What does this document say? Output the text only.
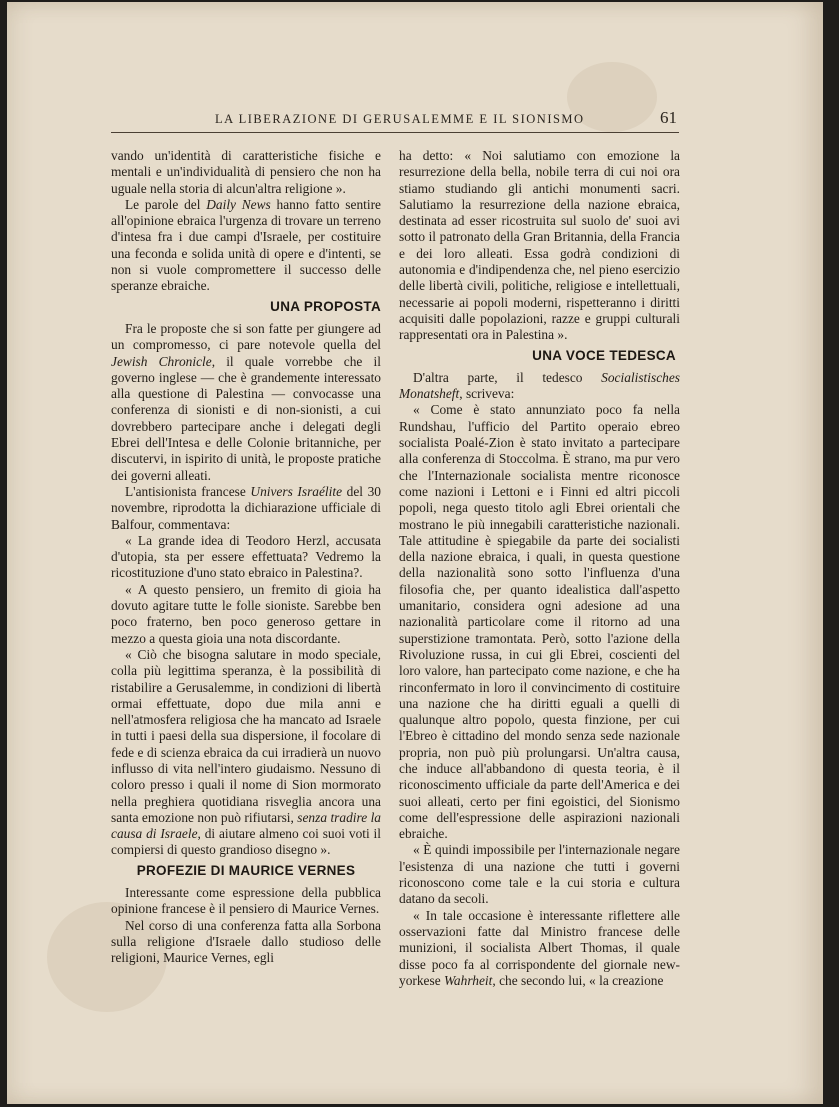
LA LIBERAZIONE DI GERUSALEMME E IL SIONISMO	61

vando un'identità di caratteristiche fisiche e mentali e un'individualità di pensiero che non ha uguale nella storia di alcun'altra religione ».

Le parole del Daily News hanno fatto sentire all'opinione ebraica l'urgenza di trovare un terreno d'intesa fra i due campi d'Israele, per costituire una feconda e solida unità di opere e d'intenti, se non si vuole compromettere il successo delle speranze ebraiche.

UNA PROPOSTA

Fra le proposte che si son fatte per giungere ad un compromesso, ci pare notevole quella del Jewish Chronicle, il quale vorrebbe che il governo inglese — che è grandemente interessato alla questione di Palestina — convocasse una conferenza di sionisti e di non-sionisti, a cui dovrebbero partecipare anche i delegati degli Ebrei dell'Intesa e delle Colonie britanniche, per discutervi, in ispirito di unità, le proposte pratiche dei governi alleati.

L'antisionista francese Univers Israélite del 30 novembre, riprodotta la dichiarazione ufficiale di Balfour, commentava:

« La grande idea di Teodoro Herzl, accusata d'utopia, sta per essere effettuata? Vedremo la ricostituzione d'uno stato ebraico in Palestina?.

« A questo pensiero, un fremito di gioia ha dovuto agitare tutte le folle sioniste. Sarebbe ben poco fraterno, ben poco generoso gettare in mezzo a questa gioia una nota discordante.

« Ciò che bisogna salutare in modo speciale, colla più legittima speranza, è la possibilità di ristabilire a Gerusalemme, in condizioni di libertà ormai effettuate, dopo due mila anni e nell'atmosfera religiosa che ha mancato ad Israele in tutti i paesi della sua dispersione, il focolare di fede e di scienza ebraica da cui irradierà un nuovo influsso di vita nell'intero giudaismo. Nessuno di coloro presso i quali il nome di Sion mormorato nella preghiera quotidiana risveglia ancora una santa emozione non può rifiutarsi, senza tradire la causa di Israele, di aiutare almeno coi suoi voti il compiersi di questo grandioso disegno ».

PROFEZIE DI MAURICE VERNES

Interessante come espressione della pubblica opinione francese è il pensiero di Maurice Vernes.

Nel corso di una conferenza fatta alla Sorbona sulla religione d'Israele dallo studioso delle religioni, Maurice Vernes, egli

ha detto: « Noi salutiamo con emozione la resurrezione della bella, nobile terra di cui noi ora stiamo studiando gli antichi monumenti sacri. Salutiamo la resurrezione della nazione ebraica, destinata ad esser ricostruita sul suolo de' suoi avi sotto il patronato della Gran Britannia, della Francia e dei loro alleati. Essa godrà condizioni di autonomia e d'indipendenza che, nel pieno esercizio delle libertà civili, politiche, religiose e intellettuali, necessarie ai popoli moderni, rispetteranno i diritti acquisiti dalle popolazioni, razze e gruppi culturali rappresentati ora in Palestina ».

UNA VOCE TEDESCA

D'altra parte, il tedesco Socialistisches Monatsheft, scriveva:

« Come è stato annunziato poco fa nella Rundshau, l'ufficio del Partito operaio ebreo socialista Poalé-Zion è stato invitato a partecipare alla conferenza di Stoccolma. È strano, ma pur vero che l'Internazionale socialista mentre riconosce come nazioni i Lettoni e i Finni ed altri piccoli popoli, nega questo titolo agli Ebrei orientali che mostrano le più innegabili caratteristiche nazionali. Tale attitudine è spiegabile da parte dei socialisti della nazione ebraica, i quali, in questa questione della nazionalità sono sotto l'influenza d'una filosofia che, per quanto idealistica dall'aspetto umanitario, considera ogni adesione ad una nazionalità particolare come il ritorno ad una superstizione tramontata. Però, sotto l'azione della Rivoluzione russa, in cui gli Ebrei, coscienti del loro valore, han partecipato come nazione, e che ha rinconfermato in loro il convincimento di costituire una nazione che ha diritti eguali a quelli di qualunque altro popolo, questa finzione, per cui l'Ebreo è cittadino del mondo senza sede nazionale propria, non può più prolungarsi. Un'altra causa, che induce all'abbandono di questa teoria, è il riconoscimento ufficiale da parte dell'America e dei suoi alleati, certo per fini egoistici, del Sionismo come dell'espressione delle aspirazioni nazionali ebraiche.

« È quindi impossibile per l'internazionale negare l'esistenza di una nazione che tutti i governi riconoscono come tale e la cui storia e cultura datano da secoli.

« In tale occasione è interessante riflettere alle osservazioni fatte dal Ministro francese delle munizioni, il socialista Albert Thomas, il quale disse poco fa al corrispondente del giornale new-yorkese Wahrheit, che secondo lui, « la creazione
